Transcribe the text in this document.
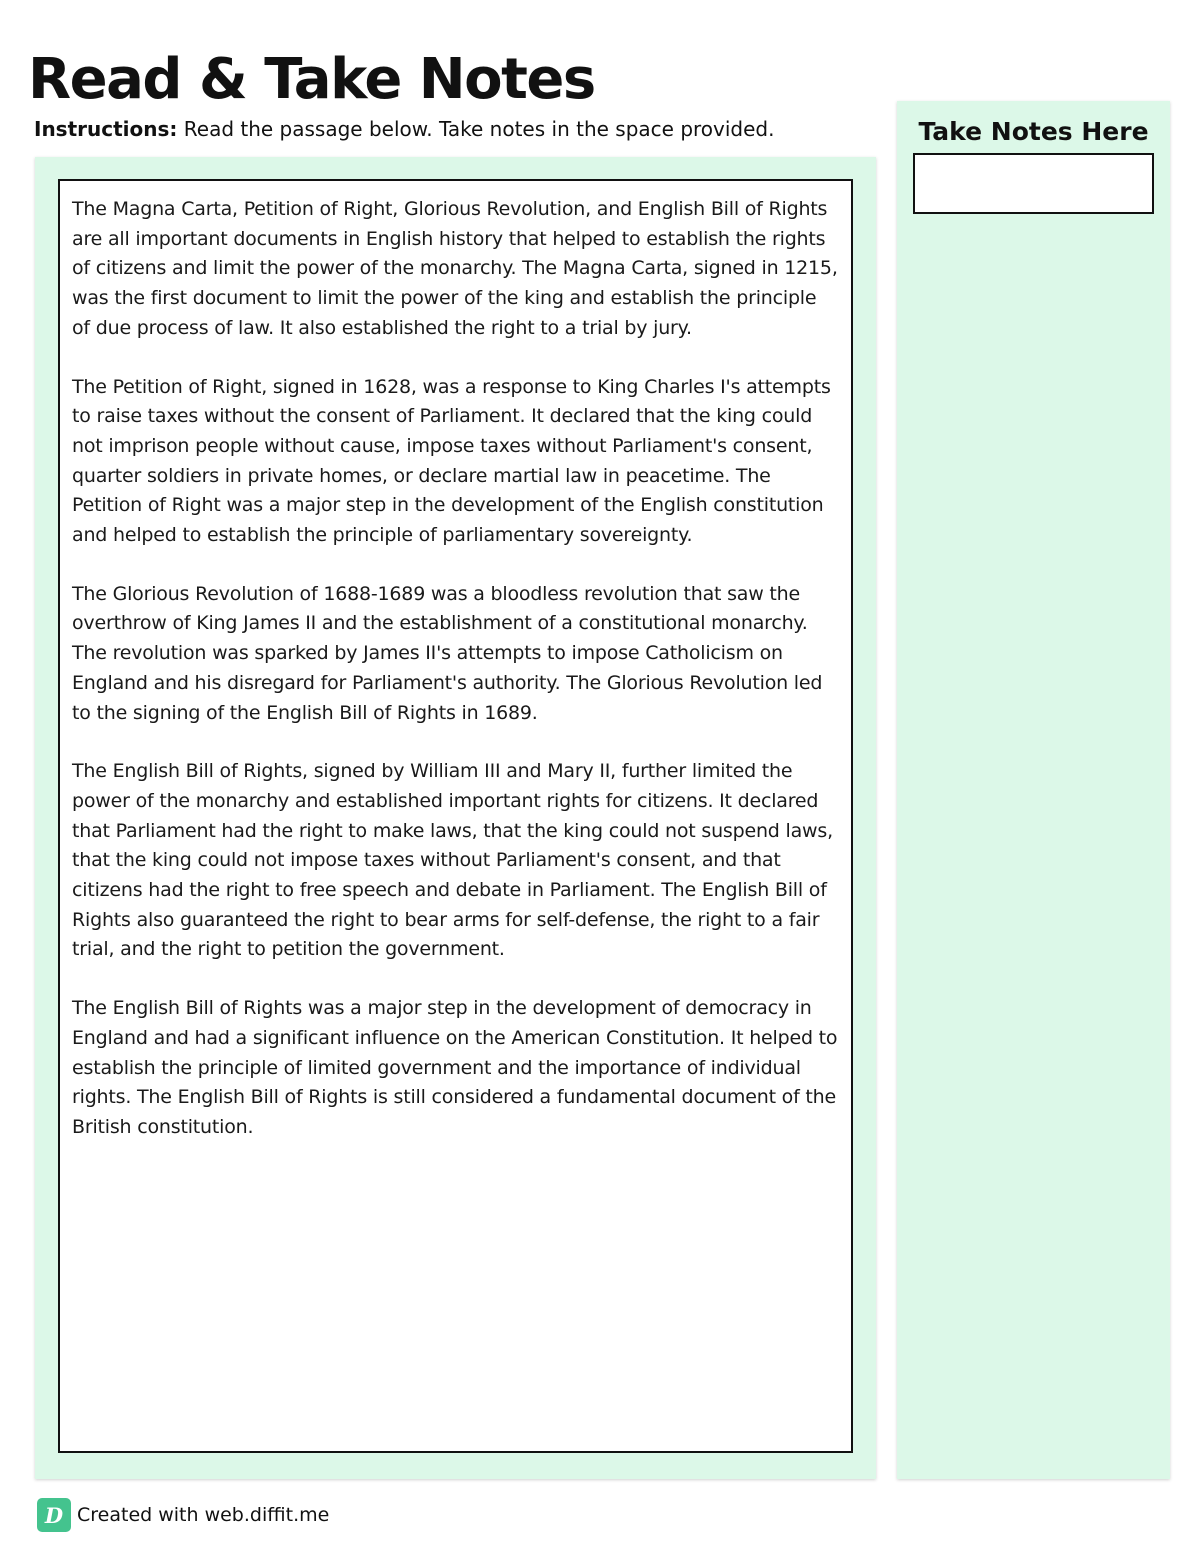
Read & Take Notes
Instructions: Read the passage below. Take notes in the space provided.

The Magna Carta, Petition of Right, Glorious Revolution, and English Bill of Rights are all important documents in English history that helped to establish the rights of citizens and limit the power of the monarchy. The Magna Carta, signed in 1215, was the first document to limit the power of the king and establish the principle of due process of law. It also established the right to a trial by jury.

The Petition of Right, signed in 1628, was a response to King Charles I's attempts to raise taxes without the consent of Parliament. It declared that the king could not imprison people without cause, impose taxes without Parliament's consent, quarter soldiers in private homes, or declare martial law in peacetime. The Petition of Right was a major step in the development of the English constitution and helped to establish the principle of parliamentary sovereignty.

The Glorious Revolution of 1688-1689 was a bloodless revolution that saw the overthrow of King James II and the establishment of a constitutional monarchy. The revolution was sparked by James II's attempts to impose Catholicism on England and his disregard for Parliament's authority. The Glorious Revolution led to the signing of the English Bill of Rights in 1689.

The English Bill of Rights, signed by William III and Mary II, further limited the power of the monarchy and established important rights for citizens. It declared that Parliament had the right to make laws, that the king could not suspend laws, that the king could not impose taxes without Parliament's consent, and that citizens had the right to free speech and debate in Parliament. The English Bill of Rights also guaranteed the right to bear arms for self-defense, the right to a fair trial, and the right to petition the government.

The English Bill of Rights was a major step in the development of democracy in England and had a significant influence on the American Constitution. It helped to establish the principle of limited government and the importance of individual rights. The English Bill of Rights is still considered a fundamental document of the British constitution.

Take Notes Here
D Created with web.diffit.me
